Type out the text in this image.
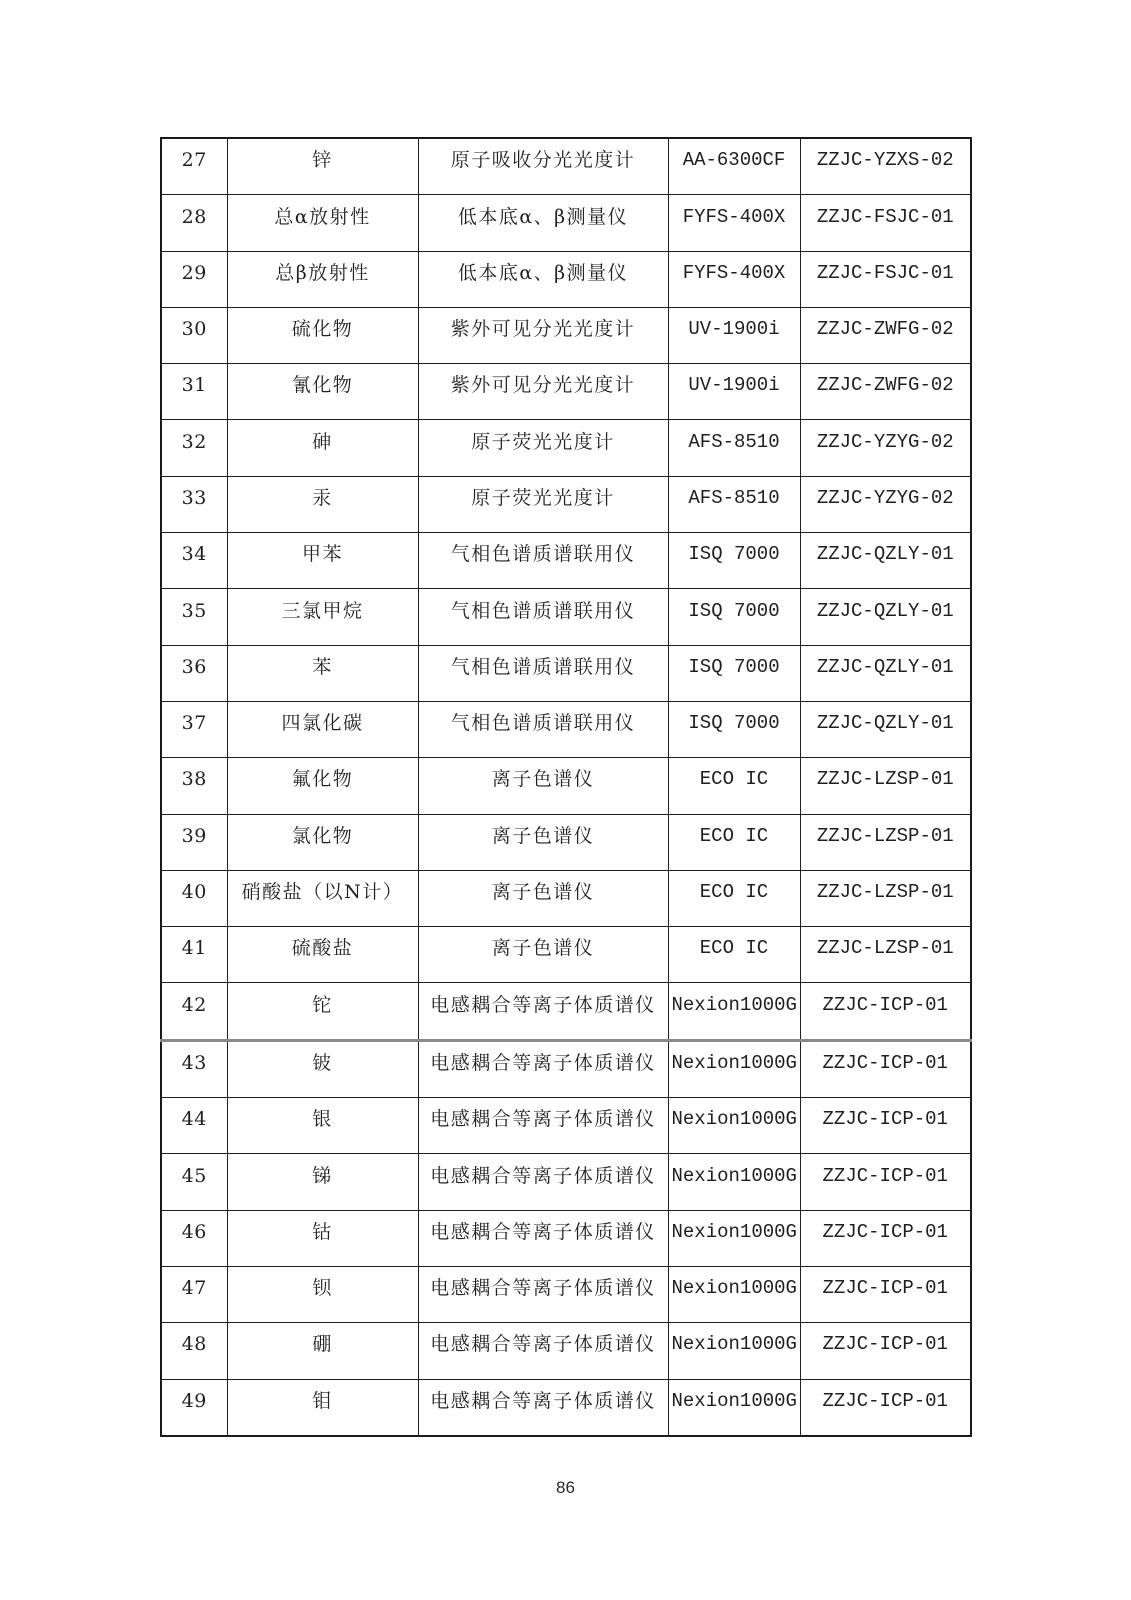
27	锌	原子吸收分光光度计	AA-6300CF	ZZJC-YZXS-02
28	总α放射性	低本底α、β测量仪	FYFS-400X	ZZJC-FSJC-01
29	总β放射性	低本底α、β测量仪	FYFS-400X	ZZJC-FSJC-01
30	硫化物	紫外可见分光光度计	UV-1900i	ZZJC-ZWFG-02
31	氰化物	紫外可见分光光度计	UV-1900i	ZZJC-ZWFG-02
32	砷	原子荧光光度计	AFS-8510	ZZJC-YZYG-02
33	汞	原子荧光光度计	AFS-8510	ZZJC-YZYG-02
34	甲苯	气相色谱质谱联用仪	ISQ 7000	ZZJC-QZLY-01
35	三氯甲烷	气相色谱质谱联用仪	ISQ 7000	ZZJC-QZLY-01
36	苯	气相色谱质谱联用仪	ISQ 7000	ZZJC-QZLY-01
37	四氯化碳	气相色谱质谱联用仪	ISQ 7000	ZZJC-QZLY-01
38	氟化物	离子色谱仪	ECO IC	ZZJC-LZSP-01
39	氯化物	离子色谱仪	ECO IC	ZZJC-LZSP-01
40	硝酸盐（以N计）	离子色谱仪	ECO IC	ZZJC-LZSP-01
41	硫酸盐	离子色谱仪	ECO IC	ZZJC-LZSP-01
42	铊	电感耦合等离子体质谱仪	Nexion1000G	ZZJC-ICP-01
43	铍	电感耦合等离子体质谱仪	Nexion1000G	ZZJC-ICP-01
44	银	电感耦合等离子体质谱仪	Nexion1000G	ZZJC-ICP-01
45	锑	电感耦合等离子体质谱仪	Nexion1000G	ZZJC-ICP-01
46	钴	电感耦合等离子体质谱仪	Nexion1000G	ZZJC-ICP-01
47	钡	电感耦合等离子体质谱仪	Nexion1000G	ZZJC-ICP-01
48	硼	电感耦合等离子体质谱仪	Nexion1000G	ZZJC-ICP-01
49	钼	电感耦合等离子体质谱仪	Nexion1000G	ZZJC-ICP-01
86
